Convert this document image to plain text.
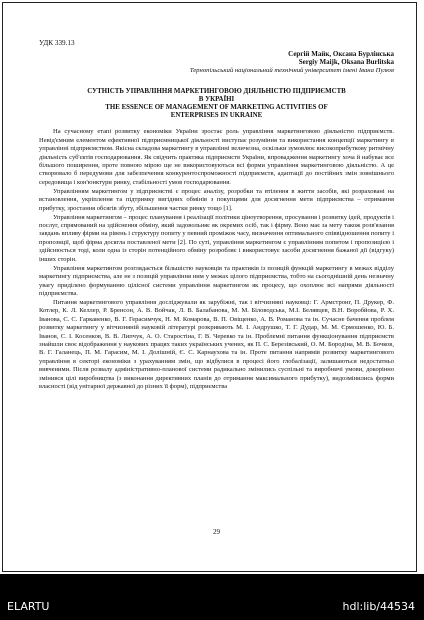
УДК 339.13
Сергій Майк, Оксана Бурлінська
Sergiy Maijk, Oksana Burlitska
Тернопільський національний технічний університет імені Івана Пулюя
СУТНІСТЬ УПРАВЛІННЯ МАРКЕТИНГОВОЮ ДІЯЛЬНІСТЮ ПІДПРИЄМСТВ
В УКРАЇНІ
THE ESSENCE OF MANAGEMENT OF MARKETING ACTIVITIES OF
ENTERPRISES IN UKRAINE

На сучасному етапі розвитку економіки України зростає роль управління маркетинговою діяльністю підприємств. Невід'ємним елементом ефективної підприємницької діяльності виступає розуміння та використання концепції маркетингу в управлінні підприємством. Якісна складова маркетингу в управлінні величезна, оскільки зумовлює високоприбуткову ритмічну діяльність суб'єктів господарювання. Як свідчить практика підприємств України, впровадження маркетингу хоча й набуває все більшого поширення, проте повною мірою ще не використовуються всі форми управління маркетинговою діяльністю. А це створювало б передумови для забезпечення конкурентоспроможності підприємств, адаптації до постійних змін зовнішнього середовища і кон'юнктури ринку, стабільності умов господарювання.

Управлінням маркетингом у підприємстві є процес аналізу, розробки та втілення в життя засобів, які розраховані на встановлення, укріплення та підтримку вигідних обмінів з покупцями для досягнення мети підприємства – отримання прибутку, зростання обсягів збуту, збільшення частки ринку тощо [1].

Управління маркетингом – процес планування і реалізації політики ціноутворення, просування і розвитку ідей, продуктів і послуг, спрямований на здійснення обміну, який задовольняє як окремих осіб, так і фірму. Воно має за мету також розв'язання завдань впливу фірми на рівень і структуру попиту у певний проміжок часу, визначення оптимального співвідношення попиту і пропозиції, щоб фірма досягла поставленої мети [2]. По суті, управління маркетингом є управлінням попитом і пропозицією і здійснюється тоді, коли одна із сторін потенційного обміну розробляє і використовує засоби досягнення бажаної дії (відгуку) інших сторін.

Управління маркетингом розглядається більшістю науковців та практиків із позицій функцій маркетингу в межах відділу маркетингу підприємства, але не з позицій управління ним у межах цілого підприємства, тобто на сьогоднішній день незначну увагу приділено формуванню цілісної системи управління маркетингом як процесу, що охоплює всі напрями діяльності підприємства.

Питання маркетингового управління досліджували як зарубіжні, так і вітчизняні науковці: Г. Армстронг, П. Друкер, Ф. Котлер, К. Л. Келлер, Р. Бренсон, А. В. Войчак, Л. В. Балабанова, М. М. Біловодська, М.І. Белявцев, В.Н. Воробйова, Р. Х. Іванова, С. С. Гаркавенко, В. Г. Герасимчук, Н. М. Комарова, В. П. Овіщенко, А. В. Романова та ін. Сучасне бачення проблем розвитку маркетингу у вітчизняній науковій літературі розкривають М. І. Андрушко, Т. Г. Дудар, М. М. Єрмошенко, Ю. Б. Іванов, С. І. Косенков, В. В. Липчук, А. О. Старостіна, Г. В. Черевко та ін. Проблемні питання функціонування підприємств знайшли своє відображення у наукових працях таких українських учених, як П. С. Березівський, О. М. Бородіна, М. В. Бочков, В. Г. Галанець, П. М. Гарасим, М. І. Долішній, Є. С. Карнаухова та ін. Проте питання напрямів розвитку маркетингового управління в секторі економіки з урахуванням змін, що відбулися в процесі його глобалізації, залишаються недостатньо вивченими. Після розвалу адміністративно-планової системи радикально змінились суспільні та виробничі умови, докорінно змінився цілі виробництва (з виконання директивних планів до отримання максимального прибутку), видозмінились форми власності (від унітарної державної до різних її форм), підприємства

29
ELARTU	hdl:lib/44534
